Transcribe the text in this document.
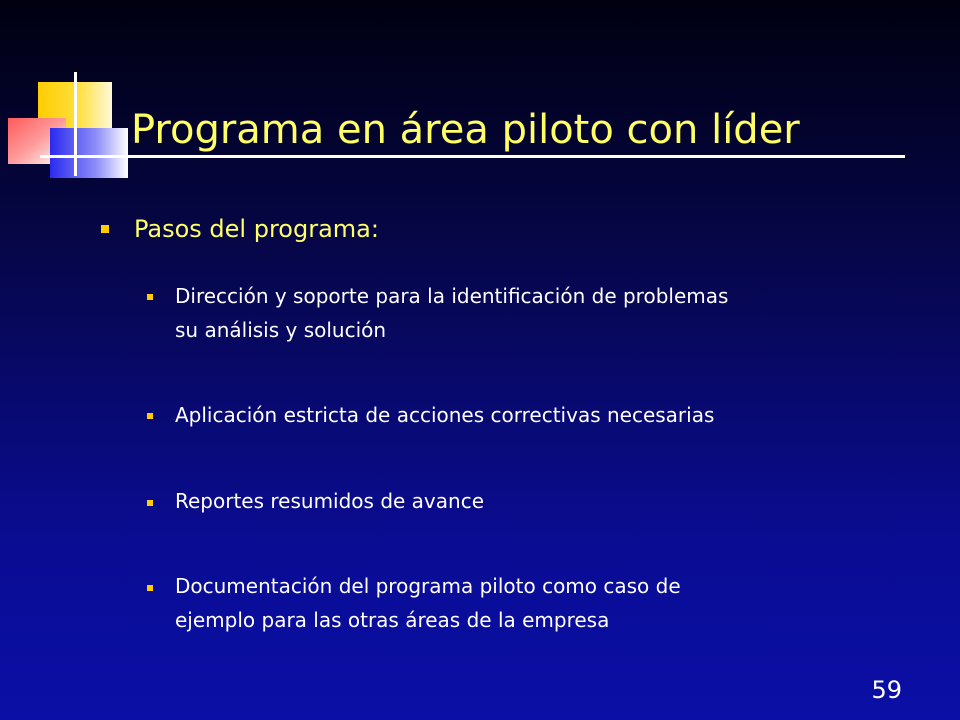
Programa en área piloto con líder
Pasos del programa:
Dirección y soporte para la identificación de problemas
su análisis y solución
Aplicación estricta de acciones correctivas necesarias
Reportes resumidos de avance
Documentación del programa piloto como caso de
ejemplo para las otras áreas de la empresa
59
